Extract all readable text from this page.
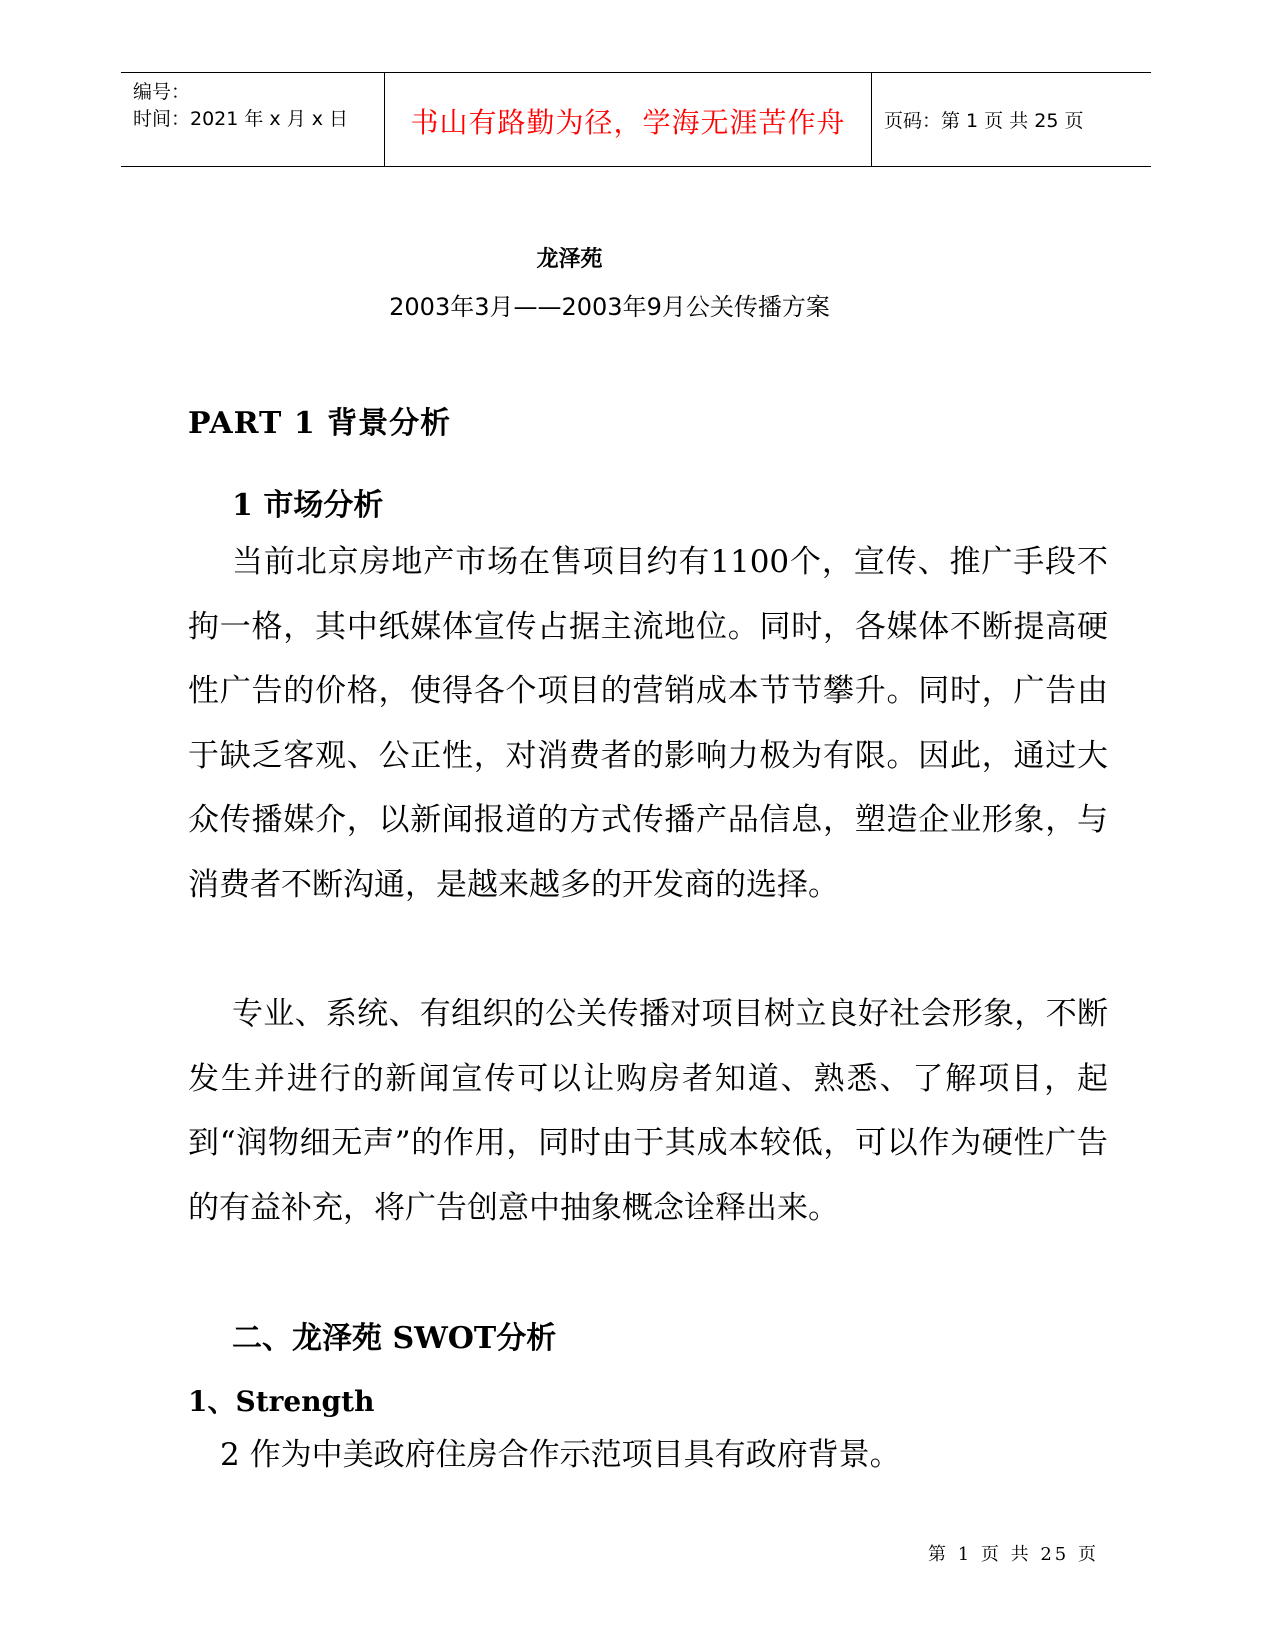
编号：
时间：2021 年 x 月 x 日	书山有路勤为径，学海无涯苦作舟 页码：第 1 页 共 25 页
龙泽苑
2003年3月——2003年9月公关传播方案
PART 1 背景分析
1 市场分析
当前北京房地产市场在售项目约有1100个，宣传、推广手段不拘一格，其中纸媒体宣传占据主流地位。同时，各媒体不断提高硬性广告的价格，使得各个项目的营销成本节节攀升。同时，广告由于缺乏客观、公正性，对消费者的影响力极为有限。因此，通过大众传播媒介，以新闻报道的方式传播产品信息，塑造企业形象，与消费者不断沟通，是越来越多的开发商的选择。
专业、系统、有组织的公关传播对项目树立良好社会形象，不断发生并进行的新闻宣传可以让购房者知道、熟悉、了解项目，起到“润物细无声”的作用，同时由于其成本较低，可以作为硬性广告的有益补充，将广告创意中抽象概念诠释出来。
二、龙泽苑 SWOT分析
1、Strength
2 作为中美政府住房合作示范项目具有政府背景。
第 1 页 共 25 页
